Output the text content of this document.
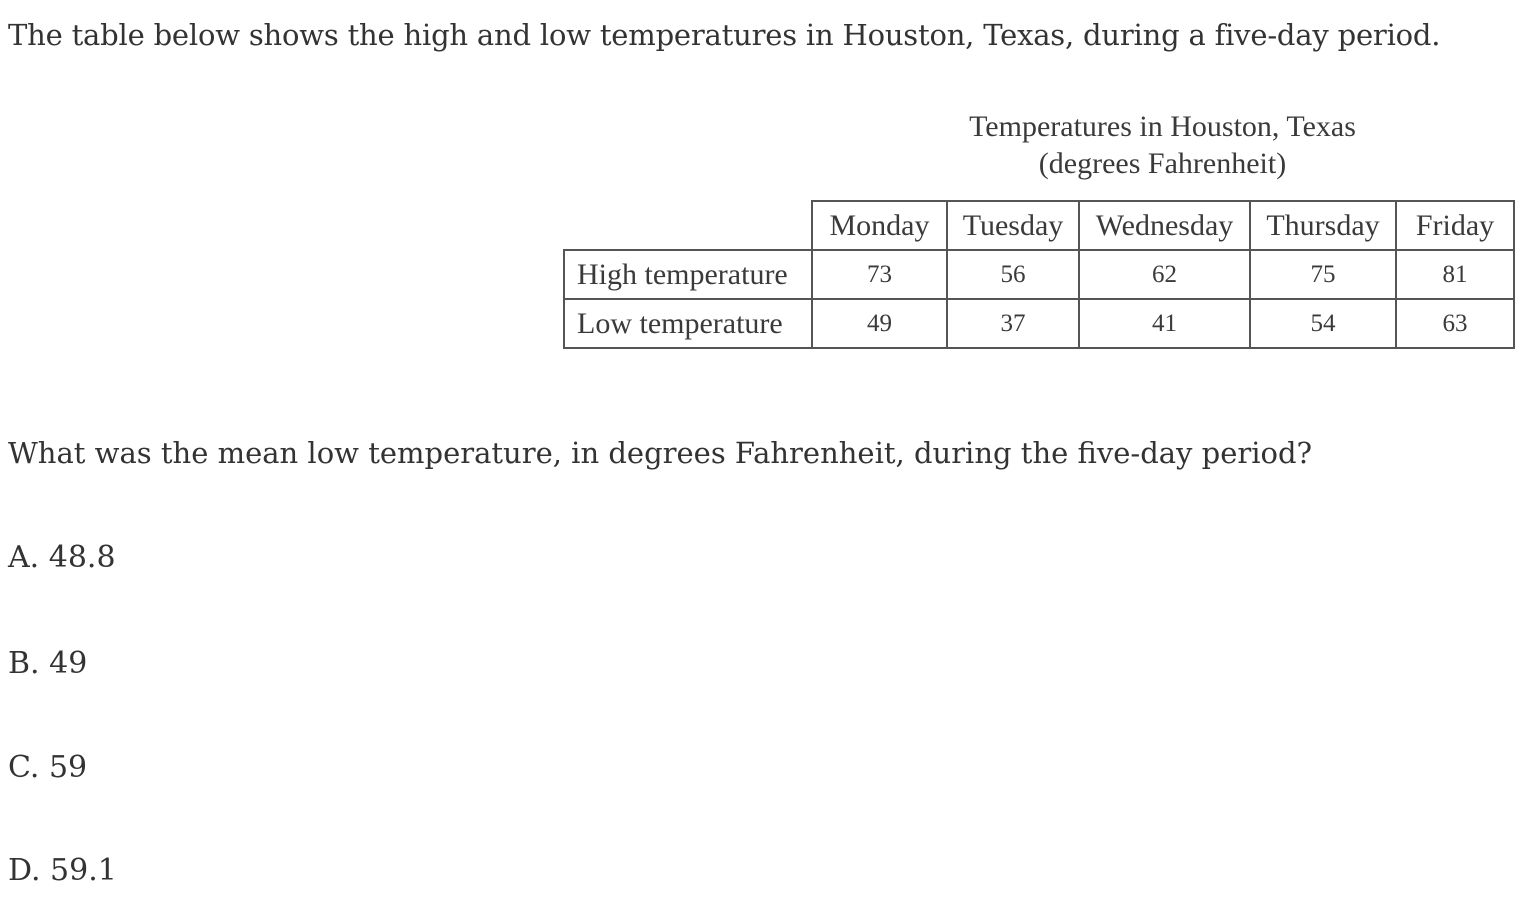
The table below shows the high and low temperatures in Houston, Texas, during a five-day period.

Temperatures in Houston, Texas
(degrees Fahrenheit)
	Monday	Tuesday	Wednesday	Thursday	Friday
High temperature	73	56	62	75	81
Low temperature	49	37	41	54	63

What was the mean low temperature, in degrees Fahrenheit, during the five-day period?

A. 48.8
B. 49
C. 59
D. 59.1
